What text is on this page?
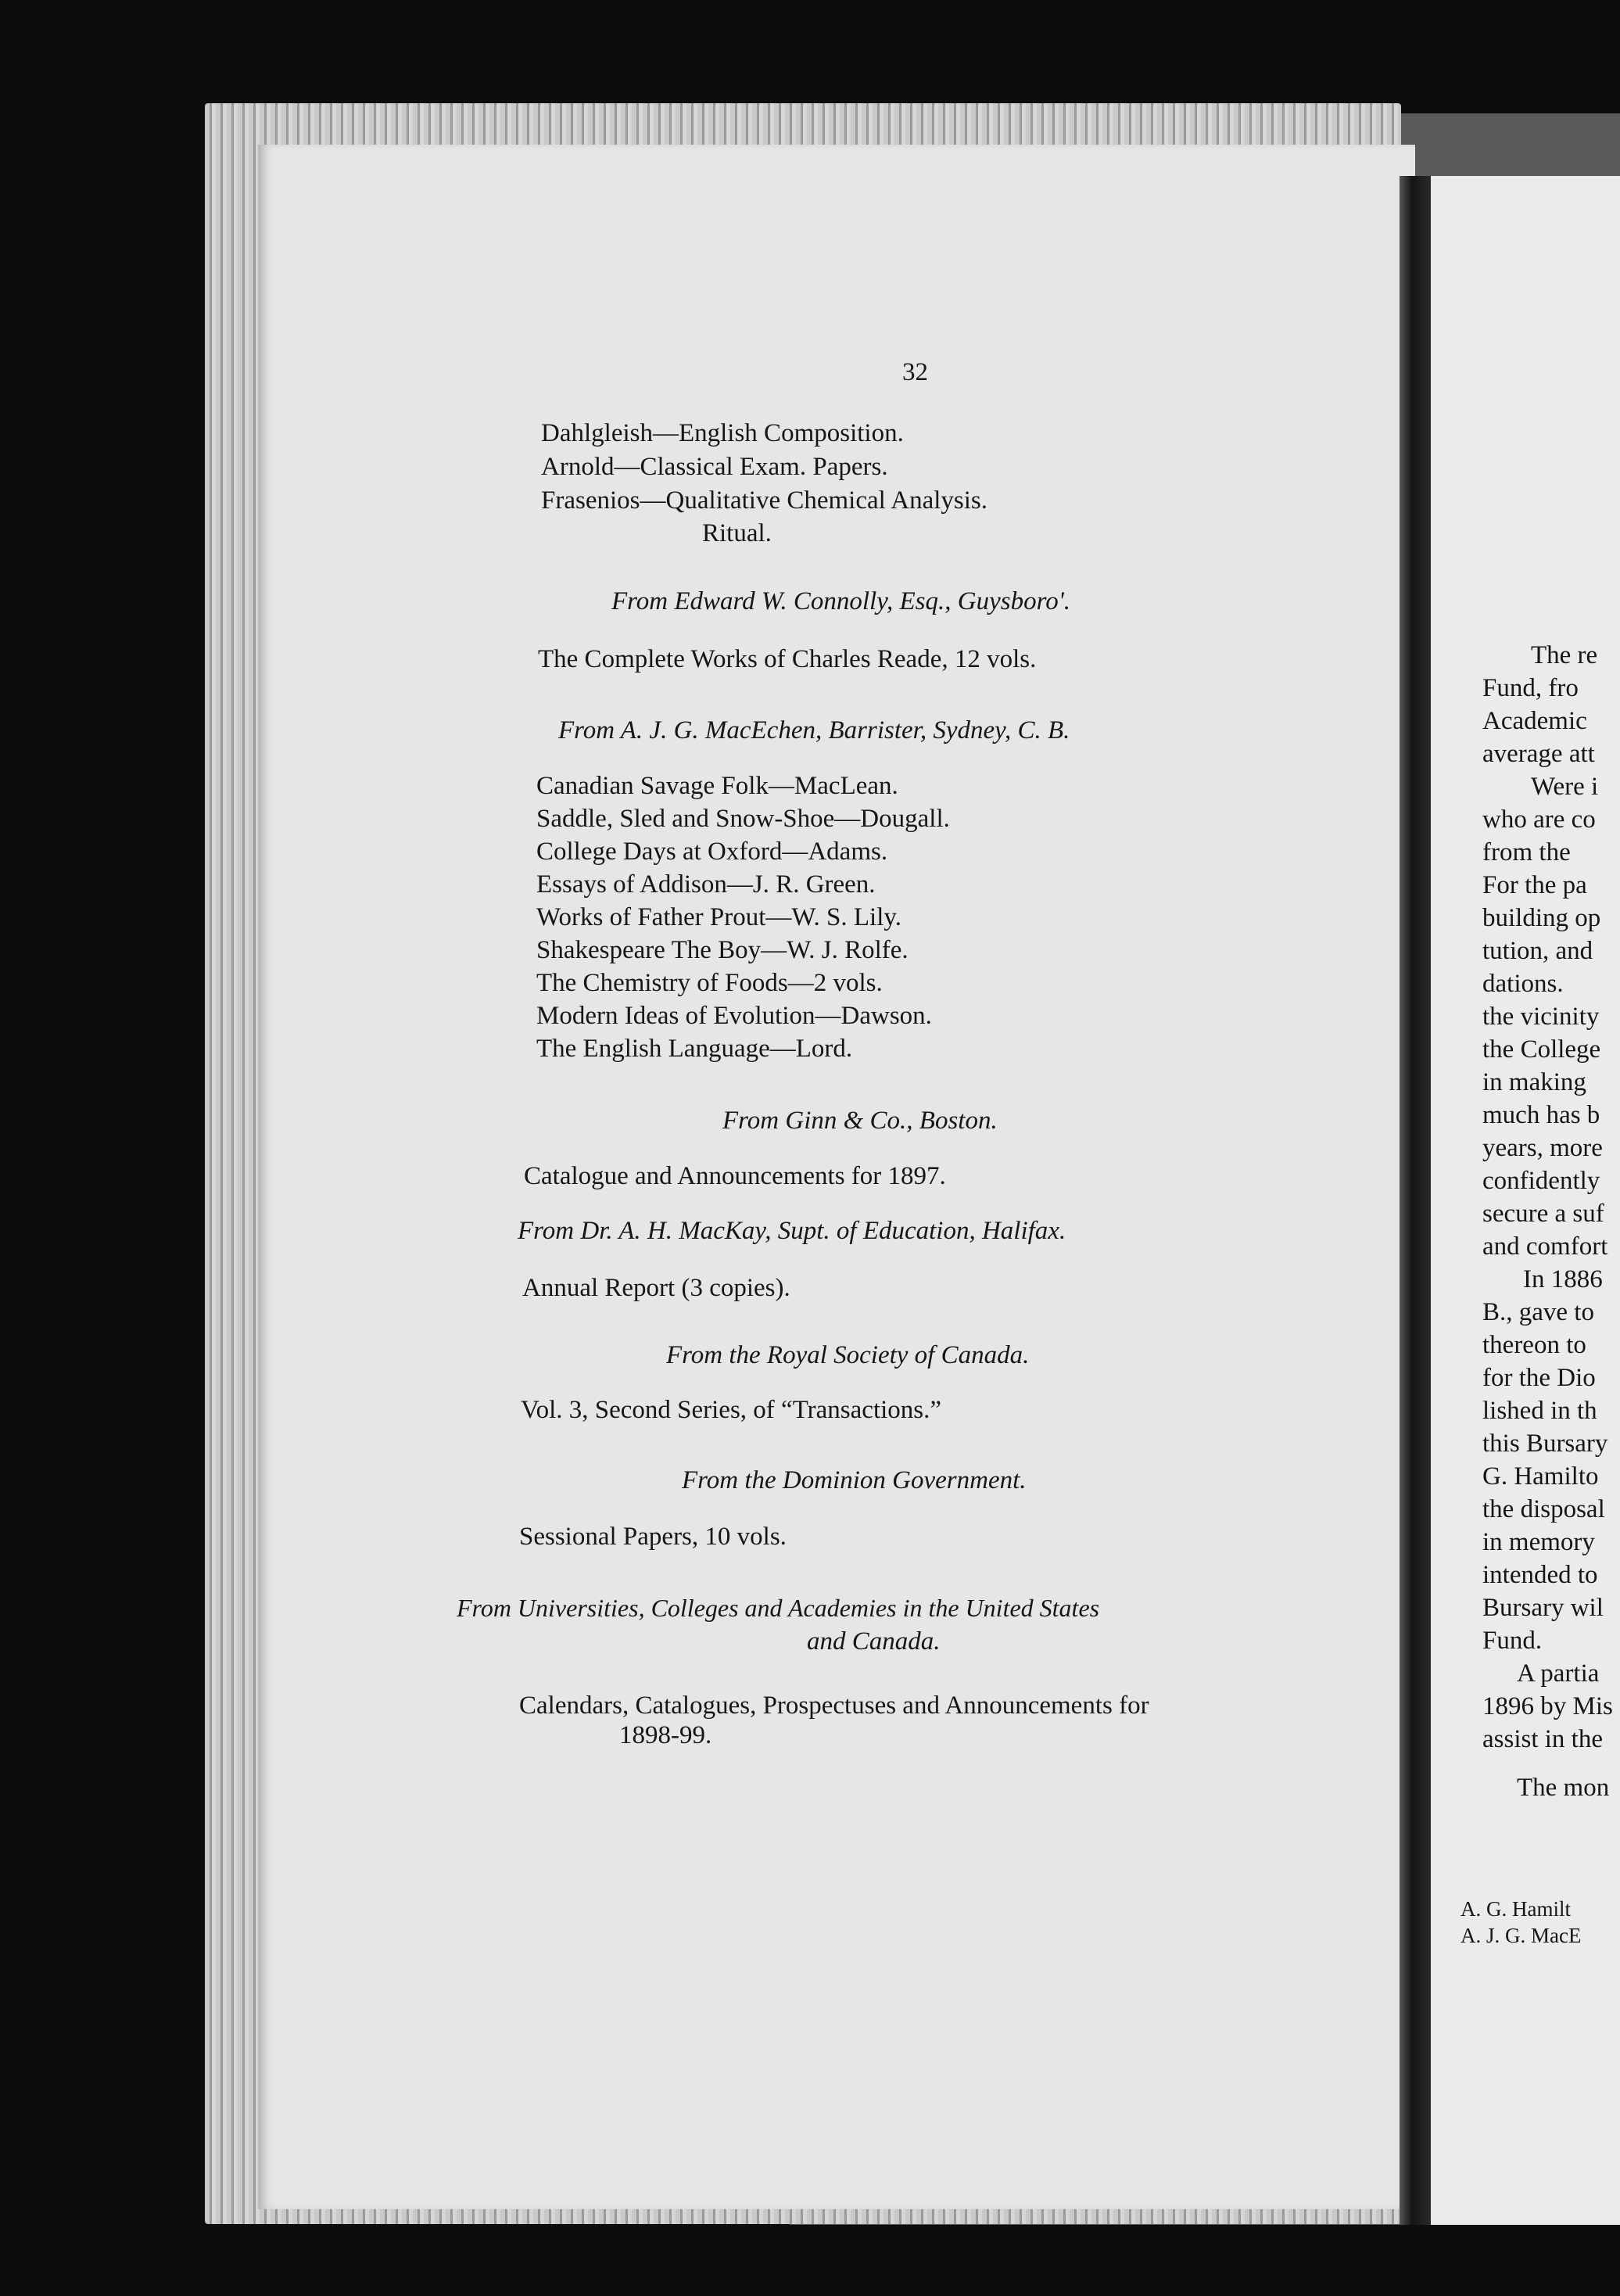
32
Dahlgleish—English Composition.
Arnold—Classical Exam. Papers.
Frasenios—Qualitative Chemical Analysis.
Ritual.
From Edward W. Connolly, Esq., Guysboro'.
The Complete Works of Charles Reade, 12 vols.
From A. J. G. MacEchen, Barrister, Sydney, C. B.
Canadian Savage Folk—MacLean.
Saddle, Sled and Snow-Shoe—Dougall.
College Days at Oxford—Adams.
Essays of Addison—J. R. Green.
Works of Father Prout—W. S. Lily.
Shakespeare The Boy—W. J. Rolfe.
The Chemistry of Foods—2 vols.
Modern Ideas of Evolution—Dawson.
The English Language—Lord.
From Ginn & Co., Boston.
Catalogue and Announcements for 1897.
From Dr. A. H. MacKay, Supt. of Education, Halifax.
Annual Report (3 copies).
From the Royal Society of Canada.
Vol. 3, Second Series, of “Transactions.”
From the Dominion Government.
Sessional Papers, 10 vols.
From Universities, Colleges and Academies in the United States
and Canada.
Calendars, Catalogues, Prospectuses and Announcements for
1898-99.
The re
Fund, fro
Academic
average att
Were i
who are co
from the
For the pa
building op
tution, and
dations.
the vicinity
the College
in making
much has b
years, more
confidently
secure a suf
and comfort
In 1886
B., gave to
thereon to
for the Dio
lished in th
this Bursary
G. Hamilto
the disposal
in memory
intended to
Bursary wil
Fund.
A partia
1896 by Mis
assist in the
The mon
A. G. Hamilt
A. J. G. MacE
